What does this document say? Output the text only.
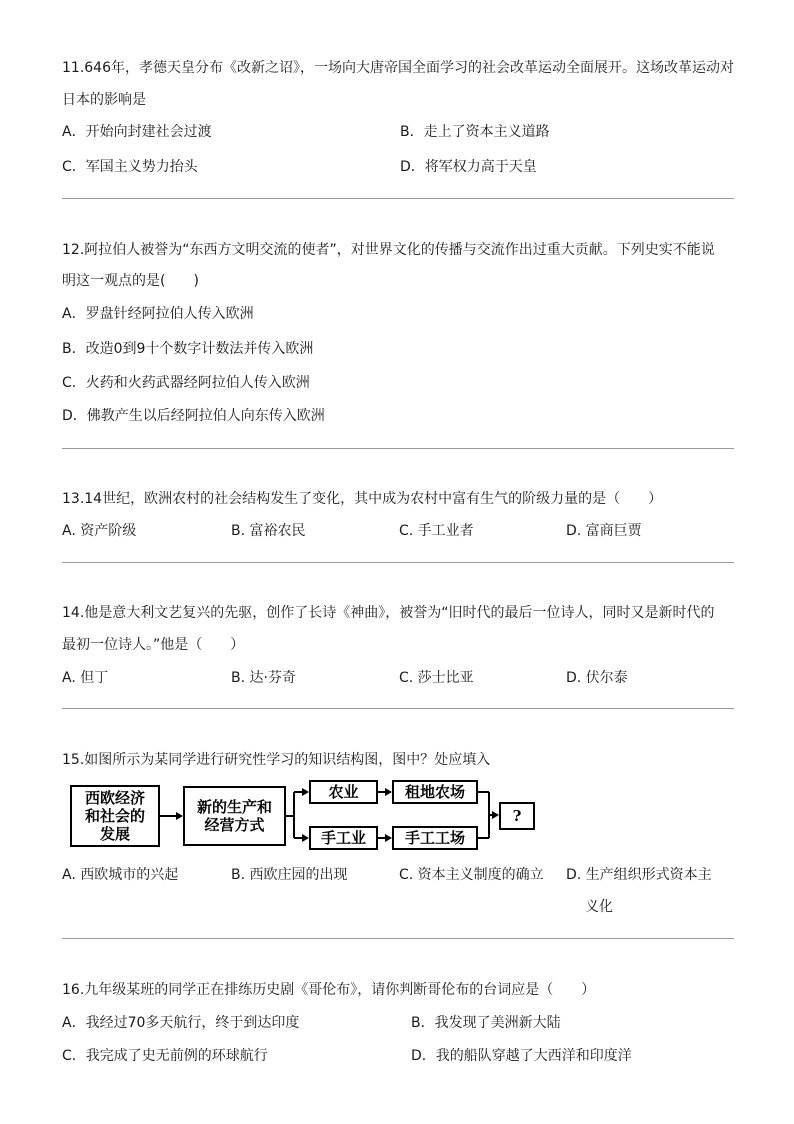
11.646年，孝德天皇分布《改新之诏》，一场向大唐帝国全面学习的社会改革运动全面展开。这场改革运动对
日本的影响是
A．开始向封建社会过渡	B．走上了资本主义道路
C．军国主义势力抬头	D．将军权力高于天皇
12.阿拉伯人被誉为“东西方文明交流的使者”，对世界文化的传播与交流作出过重大贡献。下列史实不能说
明这一观点的是(　　)
A．罗盘针经阿拉伯人传入欧洲
B．改造0到9十个数字计数法并传入欧洲
C．火药和火药武器经阿拉伯人传入欧洲
D．佛教产生以后经阿拉伯人向东传入欧洲
13.14世纪，欧洲农村的社会结构发生了变化，其中成为农村中富有生气的阶级力量的是（　　）
A. 资产阶级	B. 富裕农民	C. 手工业者	D. 富商巨贾
14.他是意大利文艺复兴的先驱，创作了长诗《神曲》，被誉为“旧时代的最后一位诗人，同时又是新时代的
最初一位诗人。”他是（　　）
A. 但丁	B. 达·芬奇	C. 莎士比亚	D. 伏尔泰
15.如图所示为某同学进行研究性学习的知识结构图，图中？处应填入
西欧经济
和社会的
发展
新的生产和
经营方式
农业	租地农场
手工业	手工工场
?
A. 西欧城市的兴起	B. 西欧庄园的出现	C. 资本主义制度的确立 D. 生产组织形式资本主
义化
16.九年级某班的同学正在排练历史剧《哥伦布》，请你判断哥伦布的台词应是（　　）
A．我经过70多天航行，终于到达印度	B．我发现了美洲新大陆
C．我完成了史无前例的环球航行	D．我的船队穿越了大西洋和印度洋
